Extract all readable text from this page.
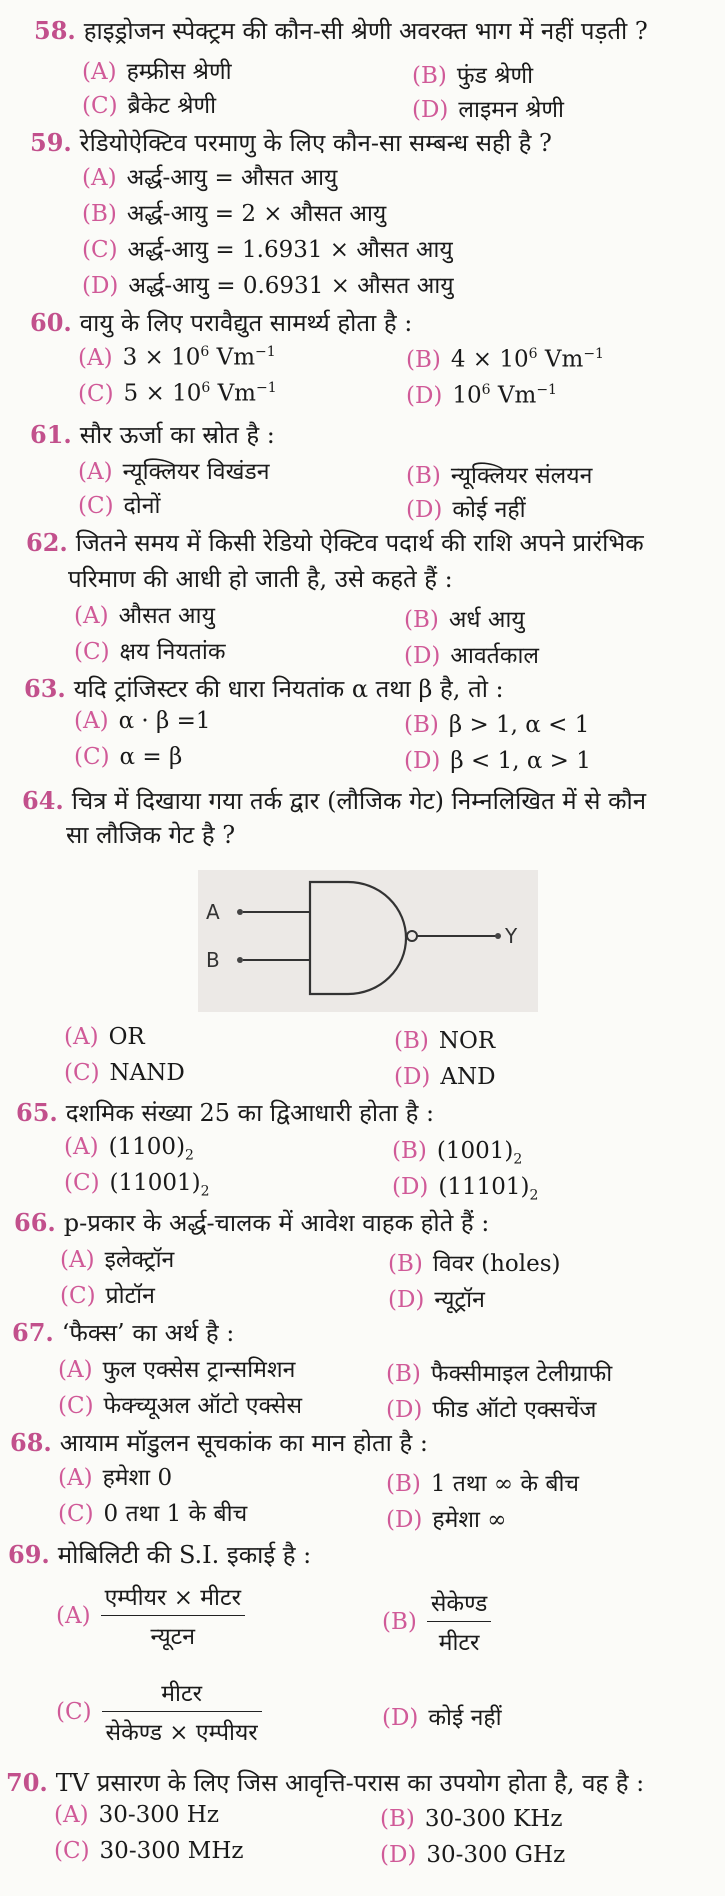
58. हाइड्रोजन स्पेक्ट्रम की कौन-सी श्रेणी अवरक्त भाग में नहीं पड़ती ?
(A) हम्फ्रीस श्रेणी	(B) फुंड श्रेणी
(C) ब्रैकेट श्रेणी	(D) लाइमन श्रेणी
59. रेडियोऐक्टिव परमाणु के लिए कौन-सा सम्बन्ध सही है ?
(A) अर्द्ध-आयु = औसत आयु
(B) अर्द्ध-आयु = 2 × औसत आयु
(C) अर्द्ध-आयु = 1.6931 × औसत आयु
(D) अर्द्ध-आयु = 0.6931 × औसत आयु
60. वायु के लिए परावैद्युत सामर्थ्य होता है :
(A) $3 \times 10^6$ $Vm^{-1}$	(B) $4 \times 10^6$ $Vm^{-1}$
(C) $5 \times 10^6$ $Vm^{-1}$	(D) $10^6$ $Vm^{-1}$
61. सौर ऊर्जा का स्रोत है :
(A) न्यूक्लियर विखंडन	(B) न्यूक्लियर संलयन
(C) दोनों	(D) कोई नहीं
62. जितने समय में किसी रेडियो ऐक्टिव पदार्थ की राशि अपने प्रारंभिक
परिमाण की आधी हो जाती है, उसे कहते हैं :
(A) औसत आयु	(B) अर्ध आयु
(C) क्षय नियतांक	(D) आवर्तकाल
63. यदि ट्रांजिस्टर की धारा नियतांक α तथा β है, तो :
(A) α · β =1	(B) β > 1, α < 1
(C) α = β	(D) β < 1, α > 1
64. चित्र में दिखाया गया तर्क द्वार (लौजिक गेट) निम्नलिखित में से कौन
सा लौजिक गेट है ?
A
B
Y
(A) OR	(B) NOR
(C) NAND	(D) AND
65. दशमिक संख्या 25 का द्विआधारी होता है :
(A) $(1100)_2$	(B) $(1001)_2$
(C) $(11001)_2$	(D) $(11101)_2$
66. p-प्रकार के अर्द्ध-चालक में आवेश वाहक होते हैं :
(A) इलेक्ट्रॉन	(B) विवर (holes)
(C) प्रोटॉन	(D) न्यूट्रॉन
67. ‘फैक्स’ का अर्थ है :
(A) फुल एक्सेस ट्रान्समिशन	(B) फैक्सीमाइल टेलीग्राफी
(C) फेक्च्यूअल ऑटो एक्सेस	(D) फीड ऑटो एक्सचेंज
68. आयाम मॉडुलन सूचकांक का मान होता है :
(A) हमेशा 0	(B) 1 तथा ∞ के बीच
(C) 0 तथा 1 के बीच	(D) हमेशा ∞
69. मोबिलिटी की S.I. इकाई है :
$(A) \frac{\text{एम्पीयर × मीटर}}{\text{न्यूटन}}$	$(B) \frac{\text{सेकेण्ड}}{\text{मीटर}}$
$(C) \frac{\text{मीटर}}{\text{सेकेण्ड × एम्पीयर}}$	(D) कोई नहीं
70. TV प्रसारण के लिए जिस आवृत्ति-परास का उपयोग होता है, वह है :
(A) 30-300 Hz	(B) 30-300 KHz
(C) 30-300 MHz	(D) 30-300 GHz
